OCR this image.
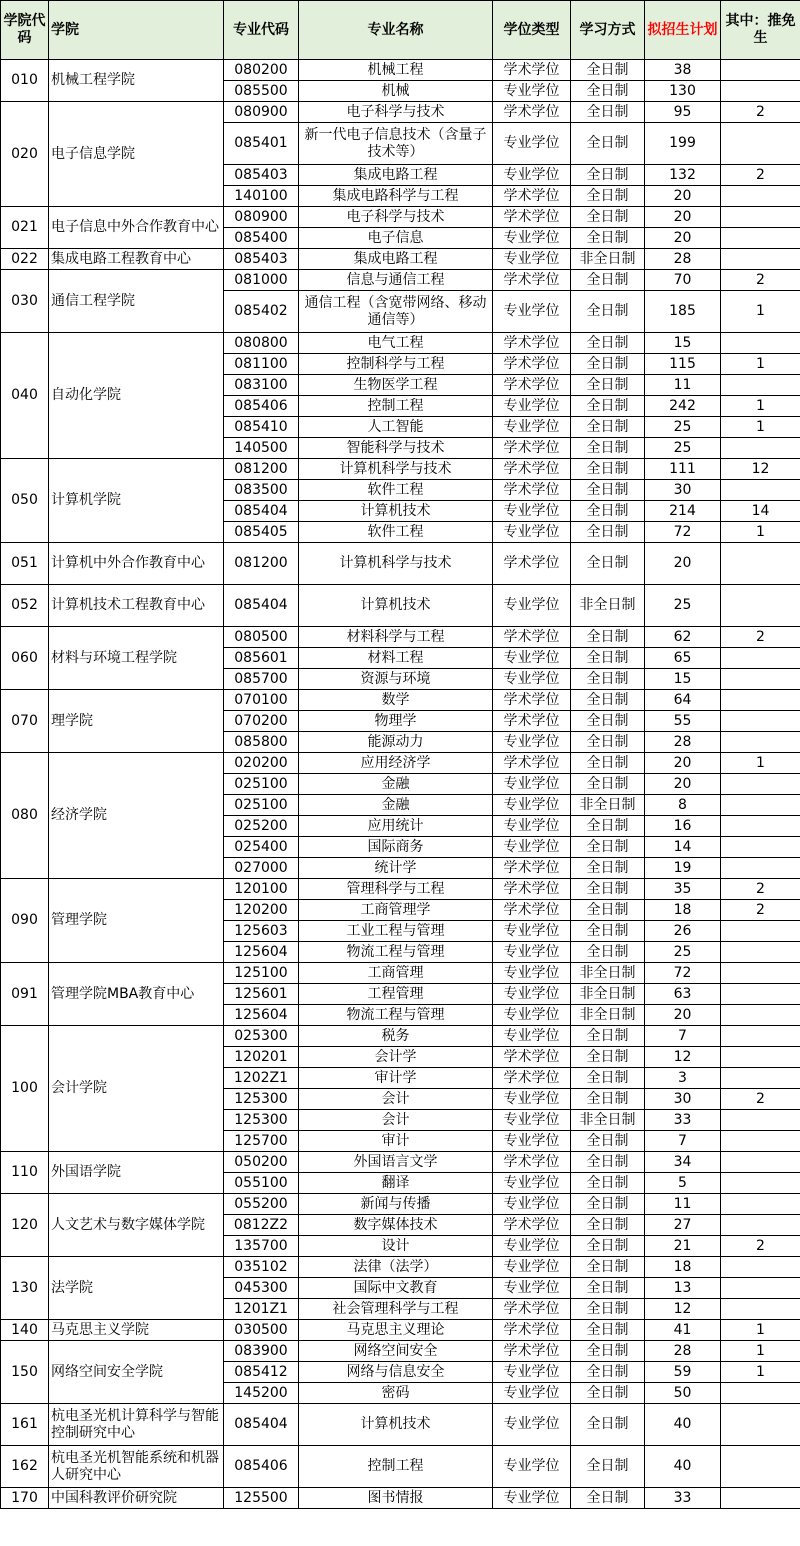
学院代码	学院	专业代码	专业名称	学位类型	学习方式	拟招生计划	其中：推免生
010	机械工程学院	080200	机械工程	学术学位	全日制	38	
		085500	机械	专业学位	全日制	130	
020	电子信息学院	080900	电子科学与技术	学术学位	全日制	95	2
		085401	新一代电子信息技术（含量子技术等）	专业学位	全日制	199	
		085403	集成电路工程	专业学位	全日制	132	2
		140100	集成电路科学与工程	学术学位	全日制	20	
021	电子信息中外合作教育中心	080900	电子科学与技术	学术学位	全日制	20	
		085400	电子信息	专业学位	全日制	20	
022	集成电路工程教育中心	085403	集成电路工程	专业学位	非全日制	28	
030	通信工程学院	081000	信息与通信工程	学术学位	全日制	70	2
		085402	通信工程（含宽带网络、移动通信等）	专业学位	全日制	185	1
040	自动化学院	080800	电气工程	学术学位	全日制	15	
		081100	控制科学与工程	学术学位	全日制	115	1
		083100	生物医学工程	学术学位	全日制	11	
		085406	控制工程	专业学位	全日制	242	1
		085410	人工智能	专业学位	全日制	25	1
		140500	智能科学与技术	学术学位	全日制	25	
050	计算机学院	081200	计算机科学与技术	学术学位	全日制	111	12
		083500	软件工程	学术学位	全日制	30	
		085404	计算机技术	专业学位	全日制	214	14
		085405	软件工程	专业学位	全日制	72	1
051	计算机中外合作教育中心	081200	计算机科学与技术	学术学位	全日制	20	
052	计算机技术工程教育中心	085404	计算机技术	专业学位	非全日制	25	
060	材料与环境工程学院	080500	材料科学与工程	学术学位	全日制	62	2
		085601	材料工程	专业学位	全日制	65	
		085700	资源与环境	专业学位	全日制	15	
070	理学院	070100	数学	学术学位	全日制	64	
		070200	物理学	学术学位	全日制	55	
		085800	能源动力	专业学位	全日制	28	
080	经济学院	020200	应用经济学	学术学位	全日制	20	1
		025100	金融	专业学位	全日制	20	
		025100	金融	专业学位	非全日制	8	
		025200	应用统计	专业学位	全日制	16	
		025400	国际商务	专业学位	全日制	14	
		027000	统计学	学术学位	全日制	19	
090	管理学院	120100	管理科学与工程	学术学位	全日制	35	2
		120200	工商管理学	学术学位	全日制	18	2
		125603	工业工程与管理	专业学位	全日制	26	
		125604	物流工程与管理	专业学位	全日制	25	
091	管理学院MBA教育中心	125100	工商管理	专业学位	非全日制	72	
		125601	工程管理	专业学位	非全日制	63	
		125604	物流工程与管理	专业学位	非全日制	20	
100	会计学院	025300	税务	专业学位	全日制	7	
		120201	会计学	学术学位	全日制	12	
		1202Z1	审计学	学术学位	全日制	3	
		125300	会计	专业学位	全日制	30	2
		125300	会计	专业学位	非全日制	33	
		125700	审计	专业学位	全日制	7	
110	外国语学院	050200	外国语言文学	学术学位	全日制	34	
		055100	翻译	专业学位	全日制	5	
120	人文艺术与数字媒体学院	055200	新闻与传播	专业学位	全日制	11	
		0812Z2	数字媒体技术	学术学位	全日制	27	
		135700	设计	专业学位	全日制	21	2
130	法学院	035102	法律（法学）	专业学位	全日制	18	
		045300	国际中文教育	专业学位	全日制	13	
		1201Z1	社会管理科学与工程	学术学位	全日制	12	
140	马克思主义学院	030500	马克思主义理论	学术学位	全日制	41	1
150	网络空间安全学院	083900	网络空间安全	学术学位	全日制	28	1
		085412	网络与信息安全	专业学位	全日制	59	1
		145200	密码	专业学位	全日制	50	
161	杭电圣光机计算科学与智能控制研究中心	085404	计算机技术	专业学位	全日制	40	
162	杭电圣光机智能系统和机器人研究中心	085406	控制工程	专业学位	全日制	40	
170	中国科教评价研究院	125500	图书情报	专业学位	全日制	33	
